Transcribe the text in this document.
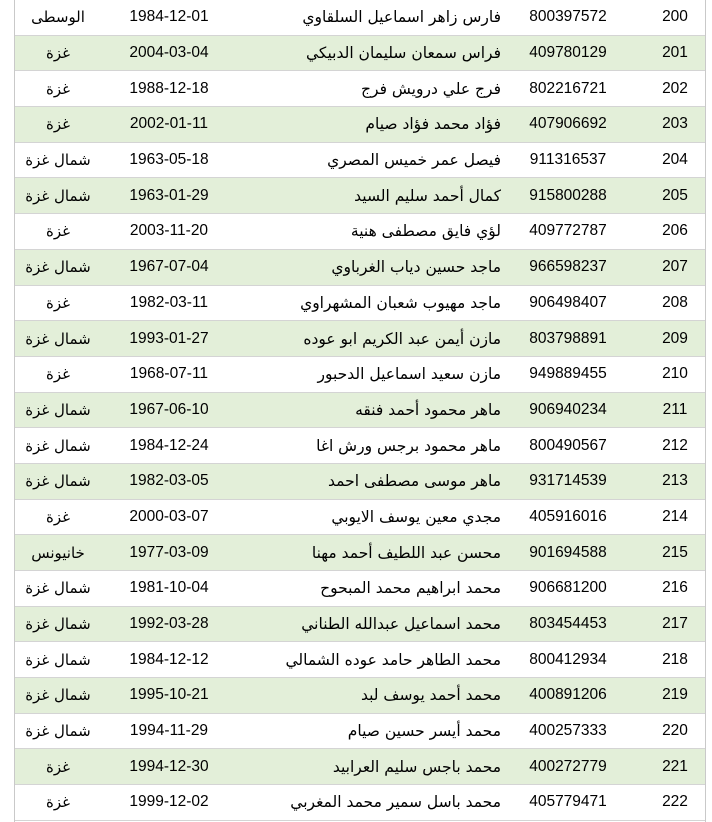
الوسطى	1984-12-01	فارس زاهر اسماعيل السلقاوي	800397572	200
غزة	2004-03-04	فراس سمعان سليمان الدبيكي	409780129	201
غزة	1988-12-18	فرج علي درويش فرج	802216721	202
غزة	2002-01-11	فؤاد محمد فؤاد صيام	407906692	203
شمال غزة	1963-05-18	فيصل عمر خميس المصري	911316537	204
شمال غزة	1963-01-29	كمال أحمد سليم السيد	915800288	205
غزة	2003-11-20	لؤي فايق مصطفى هنية	409772787	206
شمال غزة	1967-07-04	ماجد حسين دياب الغرباوي	966598237	207
غزة	1982-03-11	ماجد مهيوب شعبان المشهراوي	906498407	208
شمال غزة	1993-01-27	مازن أيمن عبد الكريم ابو عوده	803798891	209
غزة	1968-07-11	مازن سعيد اسماعيل الدحبور	949889455	210
شمال غزة	1967-06-10	ماهر محمود أحمد فنقه	906940234	211
شمال غزة	1984-12-24	ماهر محمود برجس ورش اغا	800490567	212
شمال غزة	1982-03-05	ماهر موسى مصطفى احمد	931714539	213
غزة	2000-03-07	مجدي معين يوسف الايوبي	405916016	214
خانيونس	1977-03-09	محسن عبد اللطيف أحمد مهنا	901694588	215
شمال غزة	1981-10-04	محمد ابراهيم محمد المبحوح	906681200	216
شمال غزة	1992-03-28	محمد اسماعيل عبدالله الطناني	803454453	217
شمال غزة	1984-12-12	محمد الطاهر حامد عوده الشمالي	800412934	218
شمال غزة	1995-10-21	محمد أحمد يوسف لبد	400891206	219
شمال غزة	1994-11-29	محمد أيسر حسين صيام	400257333	220
غزة	1994-12-30	محمد باجس سليم العرابيد	400272779	221
غزة	1999-12-02	محمد باسل سمير محمد المغربي	405779471	222
